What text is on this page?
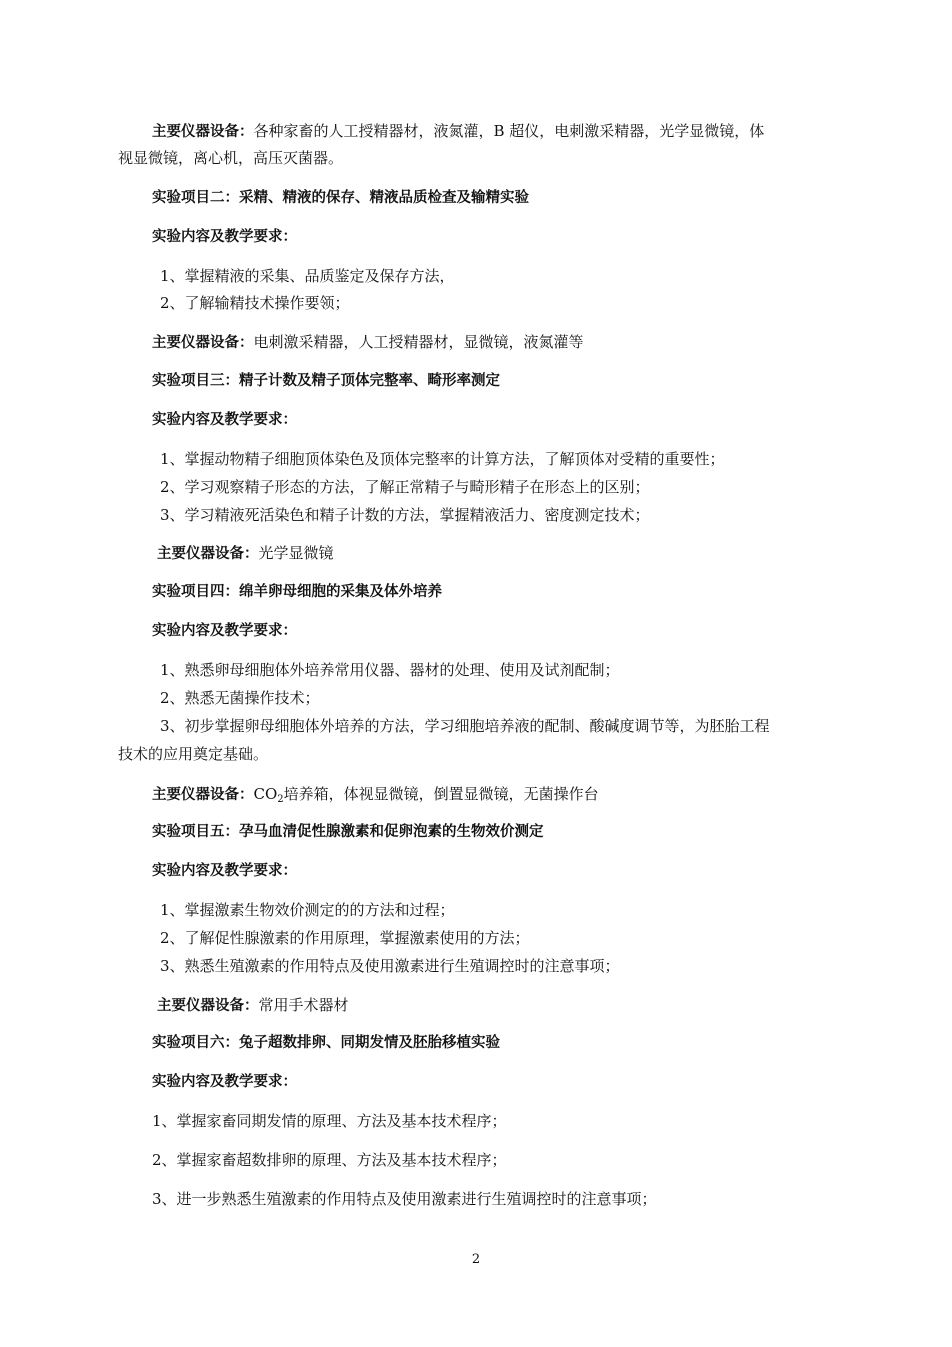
主要仪器设备：各种家畜的人工授精器材，液氮灌，B 超仪，电刺激采精器，光学显微镜，体
视显微镜，离心机，高压灭菌器。
实验项目二：采精、精液的保存、精液品质检查及输精实验
实验内容及教学要求：
1、掌握精液的采集、品质鉴定及保存方法，
2、了解输精技术操作要领；
主要仪器设备：电刺激采精器，人工授精器材，显微镜，液氮灌等
实验项目三：精子计数及精子顶体完整率、畸形率测定
实验内容及教学要求：
1、掌握动物精子细胞顶体染色及顶体完整率的计算方法，了解顶体对受精的重要性；
2、学习观察精子形态的方法，了解正常精子与畸形精子在形态上的区别；
3、学习精液死活染色和精子计数的方法，掌握精液活力、密度测定技术；
主要仪器设备：光学显微镜
实验项目四：绵羊卵母细胞的采集及体外培养
实验内容及教学要求：
1、熟悉卵母细胞体外培养常用仪器、器材的处理、使用及试剂配制；
2、熟悉无菌操作技术；
3、初步掌握卵母细胞体外培养的方法，学习细胞培养液的配制、酸碱度调节等，为胚胎工程
技术的应用奠定基础。
主要仪器设备：$CO_2$培养箱，体视显微镜，倒置显微镜，无菌操作台
实验项目五：孕马血清促性腺激素和促卵泡素的生物效价测定
实验内容及教学要求：
1、掌握激素生物效价测定的的方法和过程；
2、了解促性腺激素的作用原理，掌握激素使用的方法；
3、熟悉生殖激素的作用特点及使用激素进行生殖调控时的注意事项；
主要仪器设备：常用手术器材
实验项目六：兔子超数排卵、同期发情及胚胎移植实验
实验内容及教学要求：
1、掌握家畜同期发情的原理、方法及基本技术程序；
2、掌握家畜超数排卵的原理、方法及基本技术程序；
3、进一步熟悉生殖激素的作用特点及使用激素进行生殖调控时的注意事项；
2
